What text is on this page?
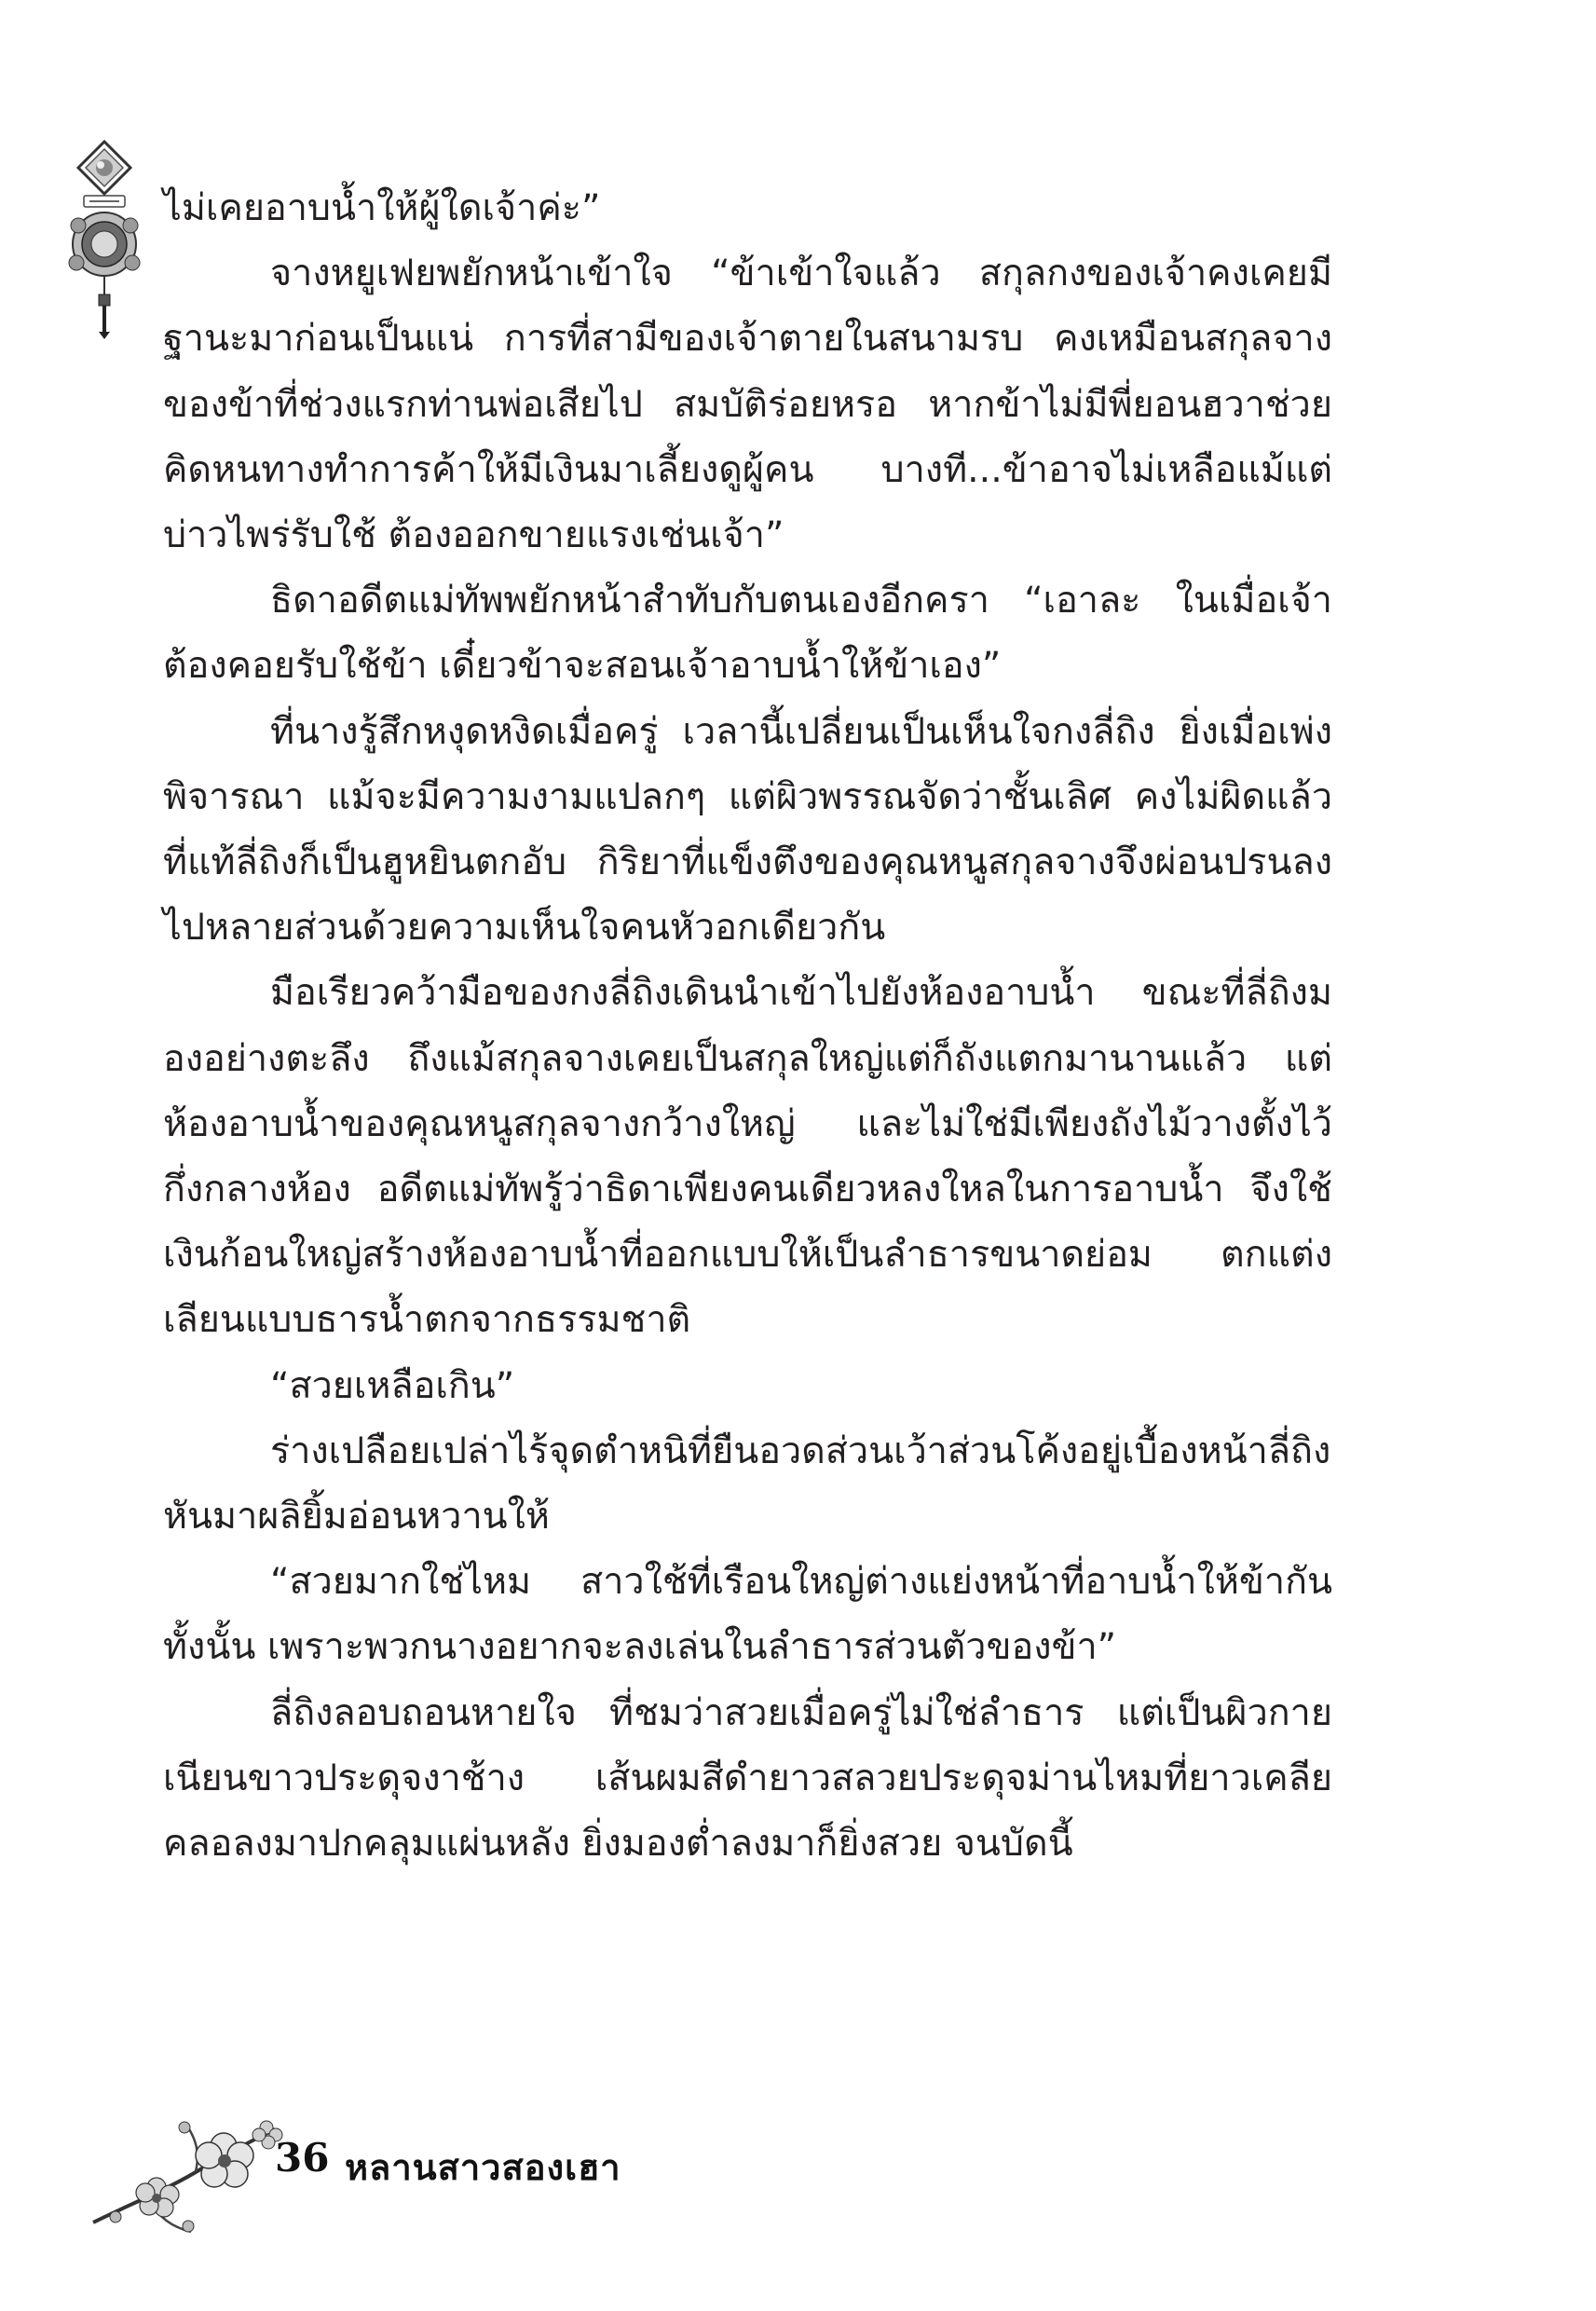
ไม่เคยอาบน้ำให้ผู้ใดเจ้าค่ะ”

จางหยูเฟยพยักหน้าเข้าใจ “ข้าเข้าใจแล้ว สกุลกงของเจ้าคงเคยมีฐานะมาก่อนเป็นแน่ การที่สามีของเจ้าตายในสนามรบ คงเหมือนสกุลจางของข้าที่ช่วงแรกท่านพ่อเสียไป สมบัติร่อยหรอ หากข้าไม่มีพี่ยอนฮวาช่วยคิดหนทางทำการค้าให้มีเงินมาเลี้ยงดูผู้คน บางที...ข้าอาจไม่เหลือแม้แต่บ่าวไพร่รับใช้ ต้องออกขายแรงเช่นเจ้า”

ธิดาอดีตแม่ทัพพยักหน้าสำทับกับตนเองอีกครา “เอาละ ในเมื่อเจ้าต้องคอยรับใช้ข้า เดี๋ยวข้าจะสอนเจ้าอาบน้ำให้ข้าเอง”

ที่นางรู้สึกหงุดหงิดเมื่อครู่ เวลานี้เปลี่ยนเป็นเห็นใจกงลี่ถิง ยิ่งเมื่อเพ่งพิจารณา แม้จะมีความงามแปลกๆ แต่ผิวพรรณจัดว่าชั้นเลิศ คงไม่ผิดแล้ว ที่แท้ลี่ถิงก็เป็นฮูหยินตกอับ กิริยาที่แข็งตึงของคุณหนูสกุลจางจึงผ่อนปรนลงไปหลายส่วนด้วยความเห็นใจคนหัวอกเดียวกัน

มือเรียวคว้ามือของกงลี่ถิงเดินนำเข้าไปยังห้องอาบน้ำ ขณะที่ลี่ถิงมองอย่างตะลึง ถึงแม้สกุลจางเคยเป็นสกุลใหญ่แต่ก็ถังแตกมานานแล้ว แต่ห้องอาบน้ำของคุณหนูสกุลจางกว้างใหญ่ และไม่ใช่มีเพียงถังไม้วางตั้งไว้กึ่งกลางห้อง อดีตแม่ทัพรู้ว่าธิดาเพียงคนเดียวหลงใหลในการอาบน้ำ จึงใช้เงินก้อนใหญ่สร้างห้องอาบน้ำที่ออกแบบให้เป็นลำธารขนาดย่อม ตกแต่งเลียนแบบธารน้ำตกจากธรรมชาติ

“สวยเหลือเกิน”

ร่างเปลือยเปล่าไร้จุดตำหนิที่ยืนอวดส่วนเว้าส่วนโค้งอยู่เบื้องหน้าลี่ถิงหันมาผลิยิ้มอ่อนหวานให้

“สวยมากใช่ไหม สาวใช้ที่เรือนใหญ่ต่างแย่งหน้าที่อาบน้ำให้ข้ากันทั้งนั้น เพราะพวกนางอยากจะลงเล่นในลำธารส่วนตัวของข้า”

ลี่ถิงลอบถอนหายใจ ที่ชมว่าสวยเมื่อครู่ไม่ใช่ลำธาร แต่เป็นผิวกายเนียนขาวประดุจงาช้าง เส้นผมสีดำยาวสลวยประดุจม่านไหมที่ยาวเคลียคลอลงมาปกคลุมแผ่นหลัง ยิ่งมองต่ำลงมาก็ยิ่งสวย จนบัดนี้

36 หลานสาวสองเฮา
